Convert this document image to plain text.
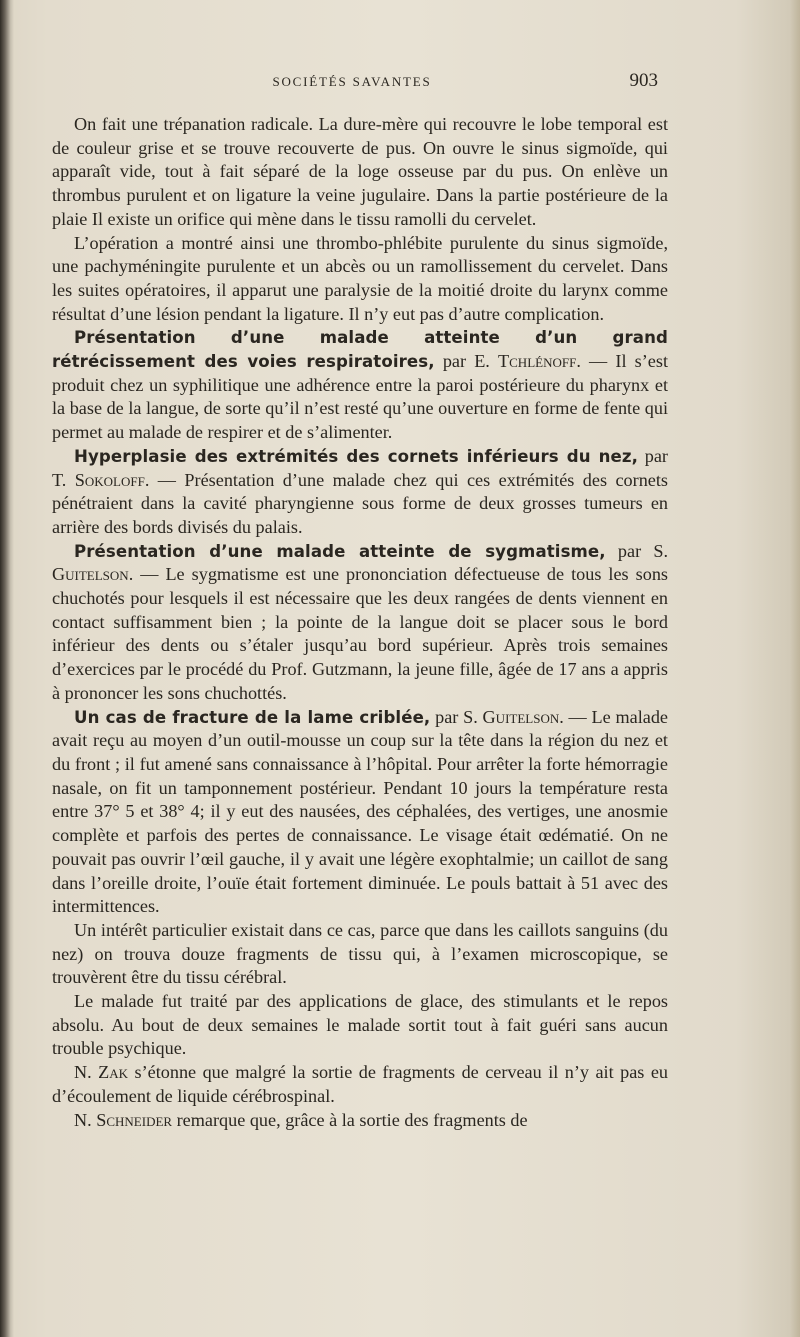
SOCIÉTÉS SAVANTES	903

On fait une trépanation radicale. La dure-mère qui recouvre le lobe temporal est de couleur grise et se trouve recouverte de pus. On ouvre le sinus sigmoïde, qui apparaît vide, tout à fait séparé de la loge osseuse par du pus. On enlève un thrombus purulent et on ligature la veine jugulaire. Dans la partie postérieure de la plaie Il existe un orifice qui mène dans le tissu ramolli du cervelet.

L’opération a montré ainsi une thrombo-phlébite purulente du sinus sigmoïde, une pachyméningite purulente et un abcès ou un ramollissement du cervelet. Dans les suites opératoires, il apparut une paralysie de la moitié droite du larynx comme résultat d’une lésion pendant la ligature. Il n’y eut pas d’autre complication.

Présentation d’une malade atteinte d’un grand rétrécissement des voies respiratoires, par E. Tchlénoff. — Il s’est produit chez un syphilitique une adhérence entre la paroi postérieure du pharynx et la base de la langue, de sorte qu’il n’est resté qu’une ouverture en forme de fente qui permet au malade de respirer et de s’alimenter.

Hyperplasie des extrémités des cornets inférieurs du nez, par T. Sokoloff. — Présentation d’une malade chez qui ces extrémités des cornets pénétraient dans la cavité pharyngienne sous forme de deux grosses tumeurs en arrière des bords divisés du palais.

Présentation d’une malade atteinte de sygmatisme, par S. Guitelson. — Le sygmatisme est une prononciation défectueuse de tous les sons chuchotés pour lesquels il est nécessaire que les deux rangées de dents viennent en contact suffisamment bien ; la pointe de la langue doit se placer sous le bord inférieur des dents ou s’étaler jusqu’au bord supérieur. Après trois semaines d’exercices par le procédé du Prof. Gutzmann, la jeune fille, âgée de 17 ans a appris à prononcer les sons chuchottés.

Un cas de fracture de la lame criblée, par S. Guitelson. — Le malade avait reçu au moyen d’un outil-mousse un coup sur la tête dans la région du nez et du front ; il fut amené sans connaissance à l’hôpital. Pour arrêter la forte hémorragie nasale, on fit un tamponnement postérieur. Pendant 10 jours la température resta entre 37° 5 et 38° 4; il y eut des nausées, des céphalées, des vertiges, une anosmie complète et parfois des pertes de connaissance. Le visage était œdématié. On ne pouvait pas ouvrir l’œil gauche, il y avait une légère exophtalmie; un caillot de sang dans l’oreille droite, l’ouïe était fortement diminuée. Le pouls battait à 51 avec des intermittences.

Un intérêt particulier existait dans ce cas, parce que dans les caillots sanguins (du nez) on trouva douze fragments de tissu qui, à l’examen microscopique, se trouvèrent être du tissu cérébral.

Le malade fut traité par des applications de glace, des stimulants et le repos absolu. Au bout de deux semaines le malade sortit tout à fait guéri sans aucun trouble psychique.

N. Zak s’étonne que malgré la sortie de fragments de cerveau il n’y ait pas eu d’écoulement de liquide cérébrospinal.

N. Schneider remarque que, grâce à la sortie des fragments de
